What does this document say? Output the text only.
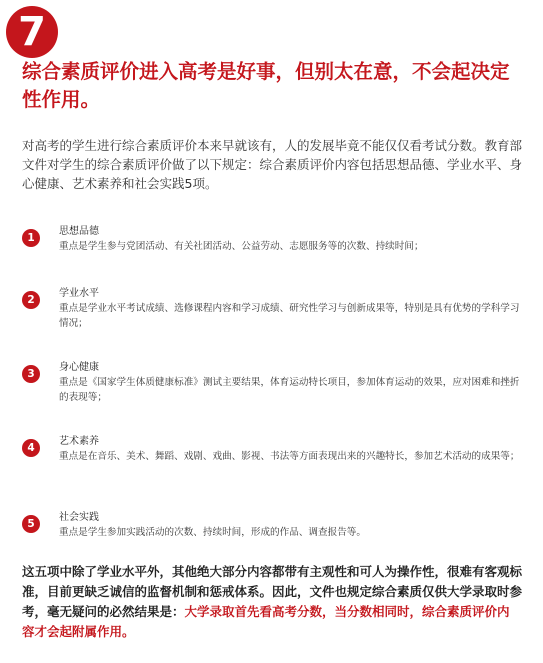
7

综合素质评价进入高考是好事，但别太在意，不会起决定性作用。

对高考的学生进行综合素质评价本来早就该有，人的发展毕竟不能仅仅看考试分数。教育部文件对学生的综合素质评价做了以下规定：综合素质评价内容包括思想品德、学业水平、身心健康、艺术素养和社会实践5项。

1

思想品德

重点是学生参与党团活动、有关社团活动、公益劳动、志愿服务等的次数、持续时间；

2

学业水平

重点是学业水平考试成绩、选修课程内容和学习成绩、研究性学习与创新成果等，特别是具有优势的学科学习情况；

3

身心健康

重点是《国家学生体质健康标准》测试主要结果，体育运动特长项目，参加体育运动的效果，应对困难和挫折的表现等；

4

艺术素养

重点是在音乐、美术、舞蹈、戏剧、戏曲、影视、书法等方面表现出来的兴趣特长，参加艺术活动的成果等；

5

社会实践

重点是学生参加实践活动的次数、持续时间，形成的作品、调查报告等。

这五项中除了学业水平外，其他绝大部分内容都带有主观性和可人为操作性，很难有客观标准，目前更缺乏诚信的监督机制和惩戒体系。因此，文件也规定综合素质仅供大学录取时参考，毫无疑问的必然结果是：大学录取首先看高考分数，当分数相同时，综合素质评价内容才会起附属作用。
